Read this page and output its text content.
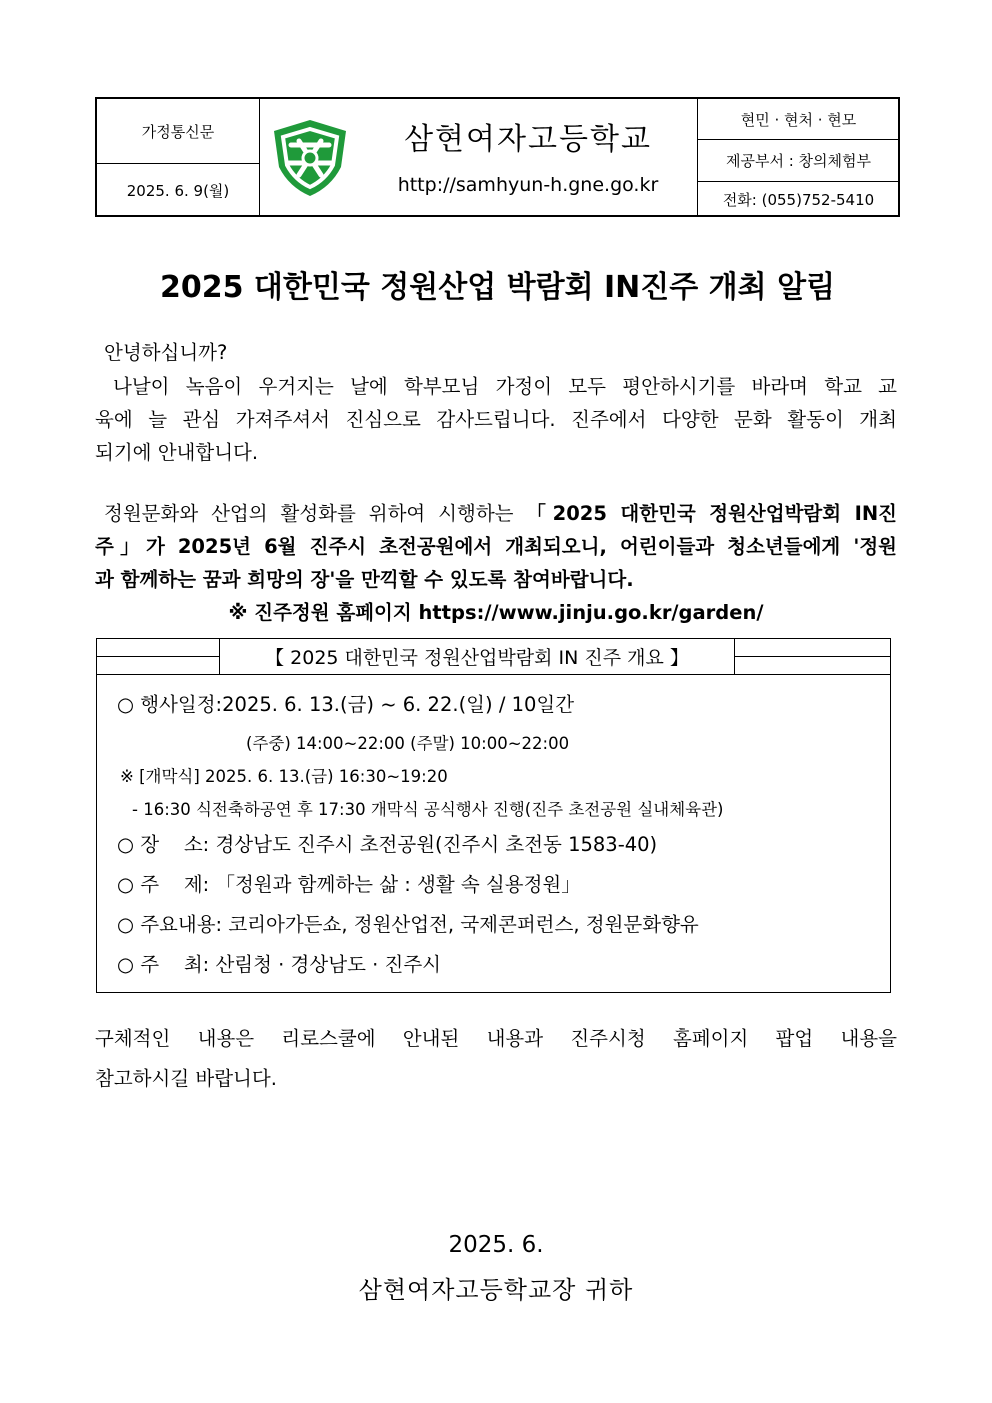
가정통신문
2025. 6. 9(월)
삼현여자고등학교
http://samhyun-h.gne.go.kr
현민 · 현처 · 현모
제공부서 : 창의체험부
전화: (055)752-5410
2025 대한민국 정원산업 박람회 IN진주 개최 알림
안녕하십니까?
나날이 녹음이 우거지는 날에 학부모님 가정이 모두 평안하시기를 바라며 학교 교
육에 늘 관심 가져주셔서 진심으로 감사드립니다. 진주에서 다양한 문화 활동이 개최
되기에 안내합니다.
정원문화와 산업의 활성화를 위하여 시행하는 「2025 대한민국 정원산업박람회 IN진
주」가 2025년 6월 진주시 초전공원에서 개최되오니, 어린이들과 청소년들에게 '정원
과 함께하는 꿈과 희망의 장'을 만끽할 수 있도록 참여바랍니다.
※ 진주정원 홈페이지 https://www.jinju.go.kr/garden/
【 2025 대한민국 정원산업박람회 IN 진주 개요 】
○ 행사일정:2025. 6. 13.(금) ~ 6. 22.(일) / 10일간
(주중) 14:00~22:00 (주말) 10:00~22:00
※ [개막식] 2025. 6. 13.(금) 16:30~19:20
- 16:30 식전축하공연 후 17:30 개막식 공식행사 진행(진주 초전공원 실내체육관)
○ 장    소: 경상남도 진주시 초전공원(진주시 초전동 1583-40)
○ 주    제: 「정원과 함께하는 삶 : 생활 속 실용정원」
○ 주요내용: 코리아가든쇼, 정원산업전, 국제콘퍼런스, 정원문화향유
○ 주    최: 산림청 · 경상남도 · 진주시
구체적인 내용은 리로스쿨에 안내된 내용과 진주시청 홈페이지 팝업 내용을
참고하시길 바랍니다.
2025. 6.
삼현여자고등학교장 귀하
